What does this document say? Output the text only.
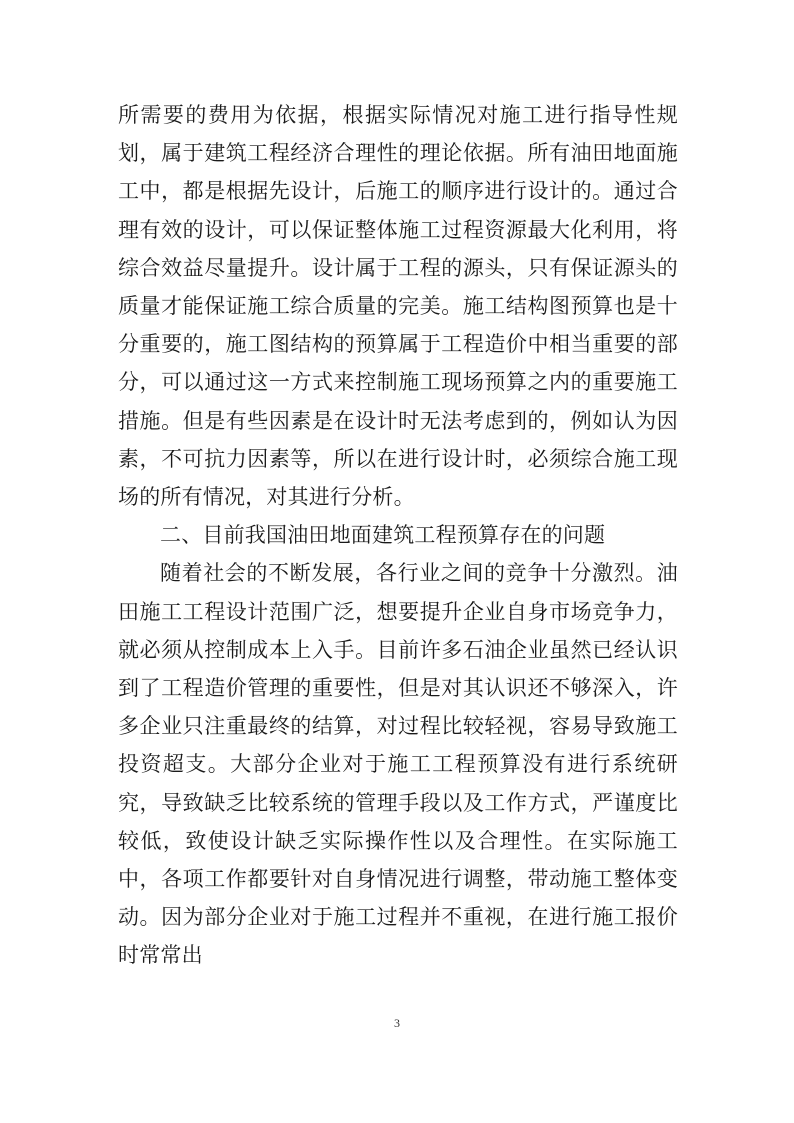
所需要的费用为依据，根据实际情况对施工进行指导性规划，属于建筑工程经济合理性的理论依据。所有油田地面施工中，都是根据先设计，后施工的顺序进行设计的。通过合理有效的设计，可以保证整体施工过程资源最大化利用，将综合效益尽量提升。设计属于工程的源头，只有保证源头的质量才能保证施工综合质量的完美。施工结构图预算也是十分重要的，施工图结构的预算属于工程造价中相当重要的部分，可以通过这一方式来控制施工现场预算之内的重要施工措施。但是有些因素是在设计时无法考虑到的，例如认为因素，不可抗力因素等，所以在进行设计时，必须综合施工现场的所有情况，对其进行分析。

二、目前我国油田地面建筑工程预算存在的问题

随着社会的不断发展，各行业之间的竞争十分激烈。油田施工工程设计范围广泛，想要提升企业自身市场竞争力，就必须从控制成本上入手。目前许多石油企业虽然已经认识到了工程造价管理的重要性，但是对其认识还不够深入，许多企业只注重最终的结算，对过程比较轻视，容易导致施工投资超支。大部分企业对于施工工程预算没有进行系统研究，导致缺乏比较系统的管理手段以及工作方式，严谨度比较低，致使设计缺乏实际操作性以及合理性。在实际施工中，各项工作都要针对自身情况进行调整，带动施工整体变动。因为部分企业对于施工过程并不重视，在进行施工报价时常常出

3
